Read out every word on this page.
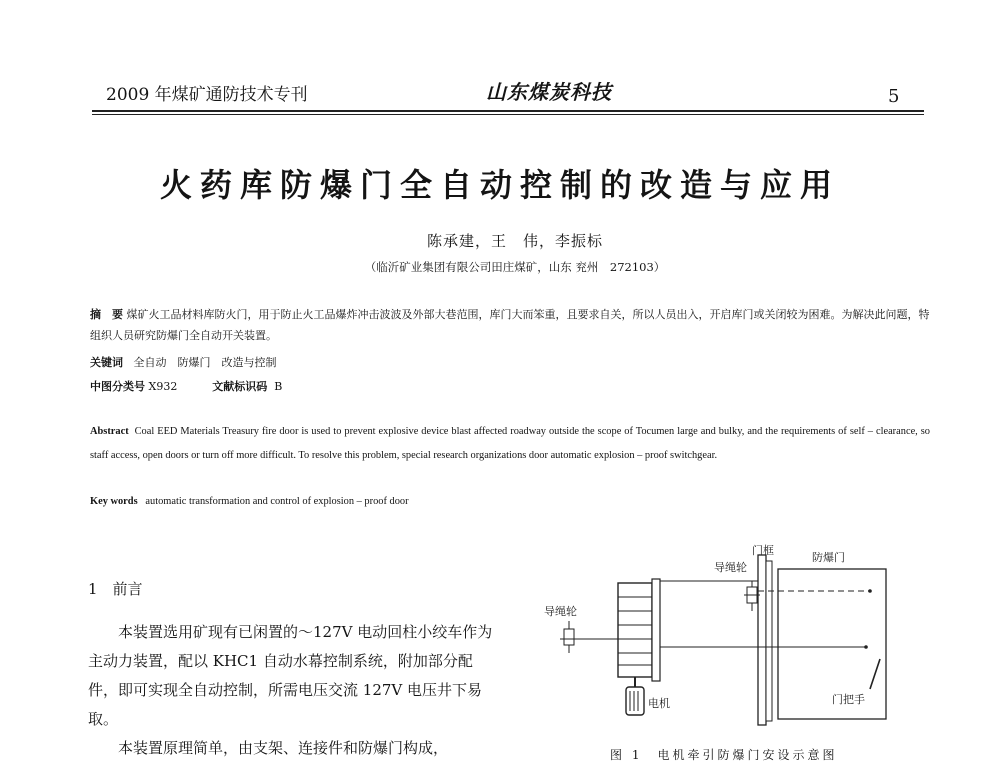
2009 年煤矿通防技术专刊	山东煤炭科技	5
火药库防爆门全自动控制的改造与应用
陈承建，王　伟，李振标
（临沂矿业集团有限公司田庄煤矿，山东 兖州　272103）
摘　要 煤矿火工品材料库防火门，用于防止火工品爆炸冲击波波及外部大巷范围，库门大而笨重，且要求自关，所以人员出入，开启库门或关闭较为困难。为解决此问题，特组织人员研究防爆门全自动开关装置。
关键词 全自动　防爆门　改造与控制
中图分类号 X932	文献标识码 B
Abstract Coal EED Materials Treasury fire door is used to prevent explosive device blast affected roadway outside the scope of Tocumen large and bulky, and the requirements of self – clearance, so staff access, open doors or turn off more difficult. To resolve this problem, special research organizations door automatic explosion – proof switchgear.
Key words automatic transformation and control of explosion – proof door
1　前言
本装置选用矿现有已闲置的～127V 电动回柱小绞车作为主动力装置，配以 KHC1 自动水幕控制系统，附加部分配件，即可实现全自动控制，所需电压交流 127V 电压井下易取。
本装置原理简单，由支架、连接件和防爆门构成，
门框
防爆门
导绳轮
导绳轮
电机	门把手
图 1　电机牵引防爆门安设示意图
